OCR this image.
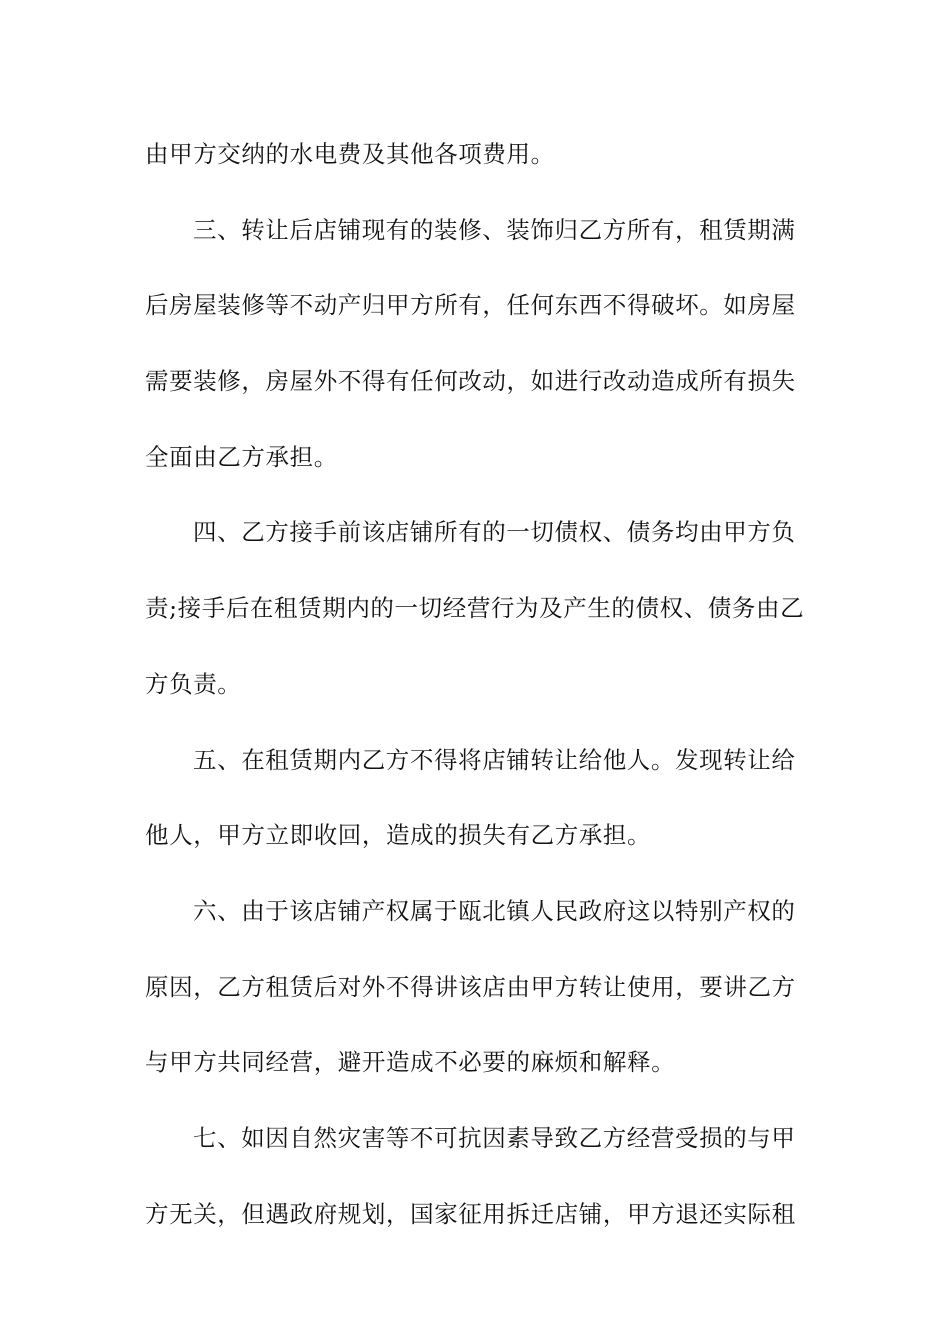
由甲方交纳的水电费及其他各项费用。
三、转让后店铺现有的装修、装饰归乙方所有，租赁期满
后房屋装修等不动产归甲方所有，任何东西不得破坏。如房屋
需要装修，房屋外不得有任何改动，如进行改动造成所有损失
全面由乙方承担。
四、乙方接手前该店铺所有的一切债权、债务均由甲方负
责;接手后在租赁期内的一切经营行为及产生的债权、债务由乙
方负责。
五、在租赁期内乙方不得将店铺转让给他人。发现转让给
他人，甲方立即收回，造成的损失有乙方承担。
六、由于该店铺产权属于瓯北镇人民政府这以特别产权的
原因，乙方租赁后对外不得讲该店由甲方转让使用，要讲乙方
与甲方共同经营，避开造成不必要的麻烦和解释。
七、如因自然灾害等不可抗因素导致乙方经营受损的与甲
方无关，但遇政府规划，国家征用拆迁店铺，甲方退还实际租
